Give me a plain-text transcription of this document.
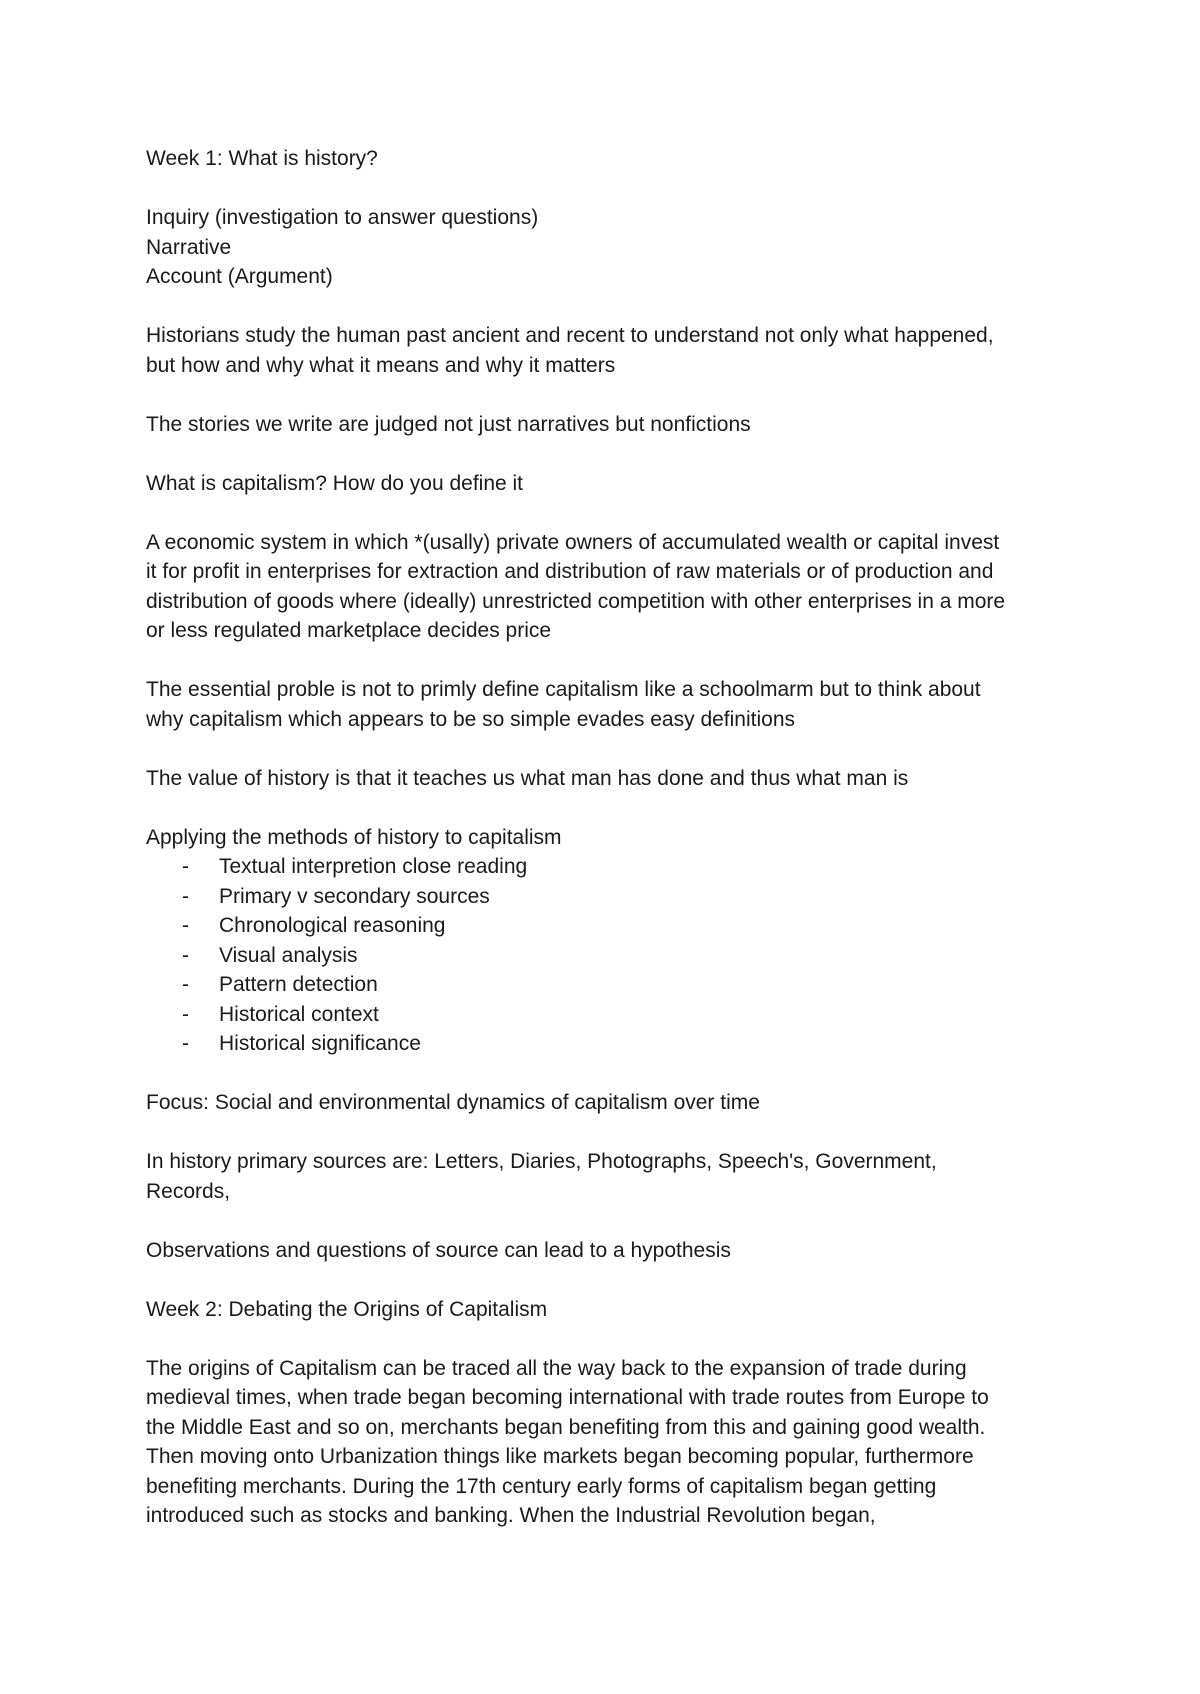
Week 1: What is history?

Inquiry (investigation to answer questions)

Narrative

Account (Argument)

Historians study the human past ancient and recent to understand not only what happened,

but how and why what it means and why it matters

The stories we write are judged not just narratives but nonfictions

What is capitalism? How do you define it

A economic system in which *(usally) private owners of accumulated wealth or capital invest

it for profit in enterprises for extraction and distribution of raw materials or of production and

distribution of goods where (ideally) unrestricted competition with other enterprises in a more

or less regulated marketplace decides price

The essential proble is not to primly define capitalism like a schoolmarm but to think about

why capitalism which appears to be so simple evades easy definitions

The value of history is that it teaches us what man has done and thus what man is

Applying the methods of history to capitalism

- Textual interpretion close reading
- Primary v secondary sources
- Chronological reasoning
- Visual analysis
- Pattern detection
- Historical context
- Historical significance

Focus: Social and environmental dynamics of capitalism over time

In history primary sources are: Letters, Diaries, Photographs, Speech's, Government,

Records,

Observations and questions of source can lead to a hypothesis

Week 2: Debating the Origins of Capitalism

The origins of Capitalism can be traced all the way back to the expansion of trade during

medieval times, when trade began becoming international with trade routes from Europe to

the Middle East and so on, merchants began benefiting from this and gaining good wealth.

Then moving onto Urbanization things like markets began becoming popular, furthermore

benefiting merchants. During the 17th century early forms of capitalism began getting

introduced such as stocks and banking. When the Industrial Revolution began,
